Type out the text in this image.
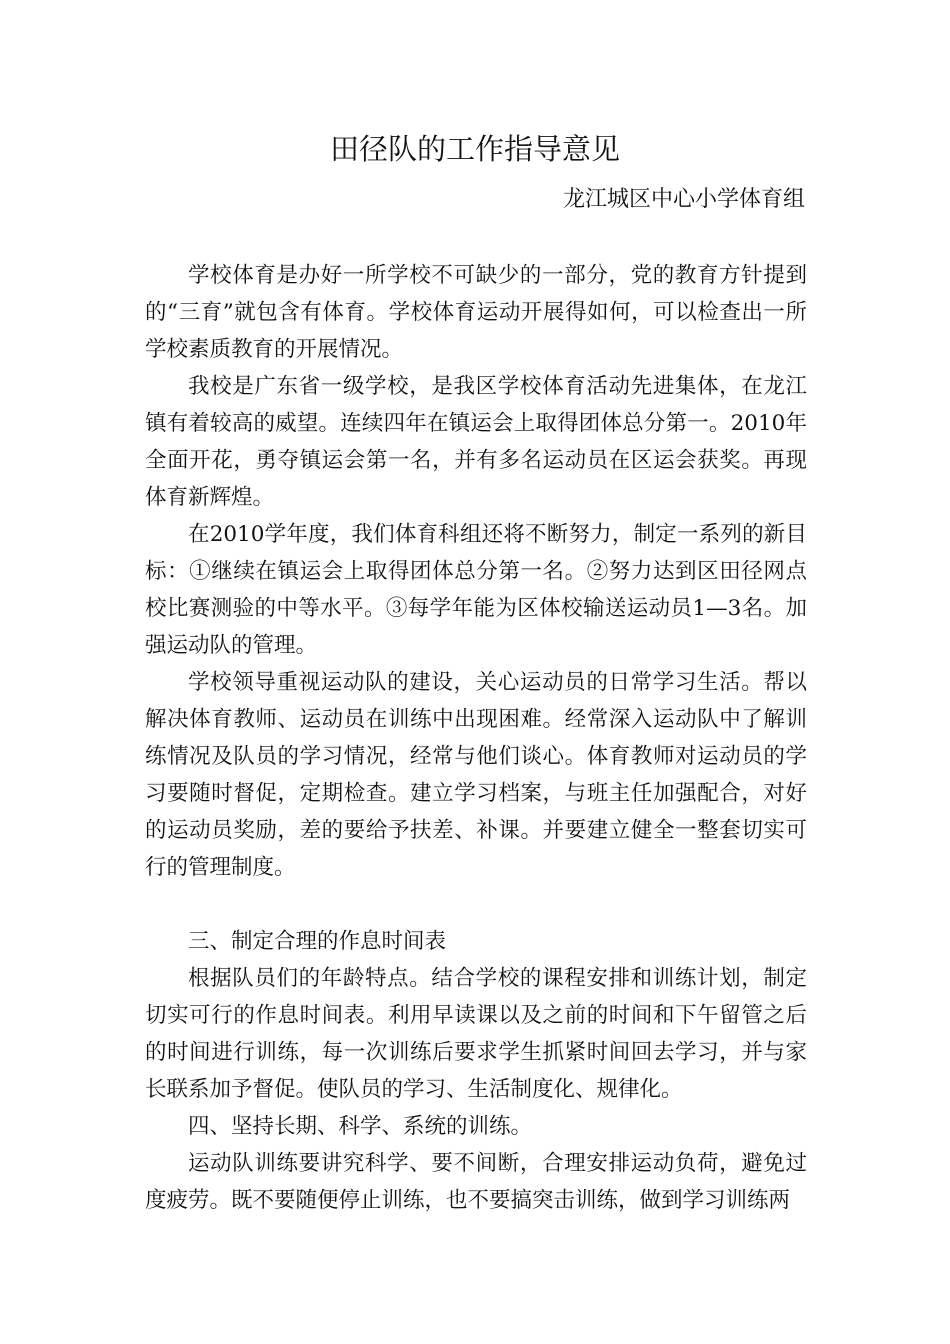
田径队的工作指导意见

龙江城区中心小学体育组

学校体育是办好一所学校不可缺少的一部分，党的教育方针提到的“三育”就包含有体育。学校体育运动开展得如何，可以检查出一所学校素质教育的开展情况。

我校是广东省一级学校，是我区学校体育活动先进集体，在龙江镇有着较高的威望。连续四年在镇运会上取得团体总分第一。2010年全面开花，勇夺镇运会第一名，并有多名运动员在区运会获奖。再现体育新辉煌。

在2010学年度，我们体育科组还将不断努力，制定一系列的新目标：①继续在镇运会上取得团体总分第一名。②努力达到区田径网点校比赛测验的中等水平。③每学年能为区体校输送运动员1—3名。加强运动队的管理。

学校领导重视运动队的建设，关心运动员的日常学习生活。帮以解决体育教师、运动员在训练中出现困难。经常深入运动队中了解训练情况及队员的学习情况，经常与他们谈心。体育教师对运动员的学习要随时督促，定期检查。建立学习档案，与班主任加强配合，对好的运动员奖励，差的要给予扶差、补课。并要建立健全一整套切实可行的管理制度。

三、制定合理的作息时间表

根据队员们的年龄特点。结合学校的课程安排和训练计划，制定切实可行的作息时间表。利用早读课以及之前的时间和下午留管之后的时间进行训练，每一次训练后要求学生抓紧时间回去学习，并与家长联系加予督促。使队员的学习、生活制度化、规律化。

四、坚持长期、科学、系统的训练。

运动队训练要讲究科学、要不间断，合理安排运动负荷，避免过度疲劳。既不要随便停止训练，也不要搞突击训练，做到学习训练两
